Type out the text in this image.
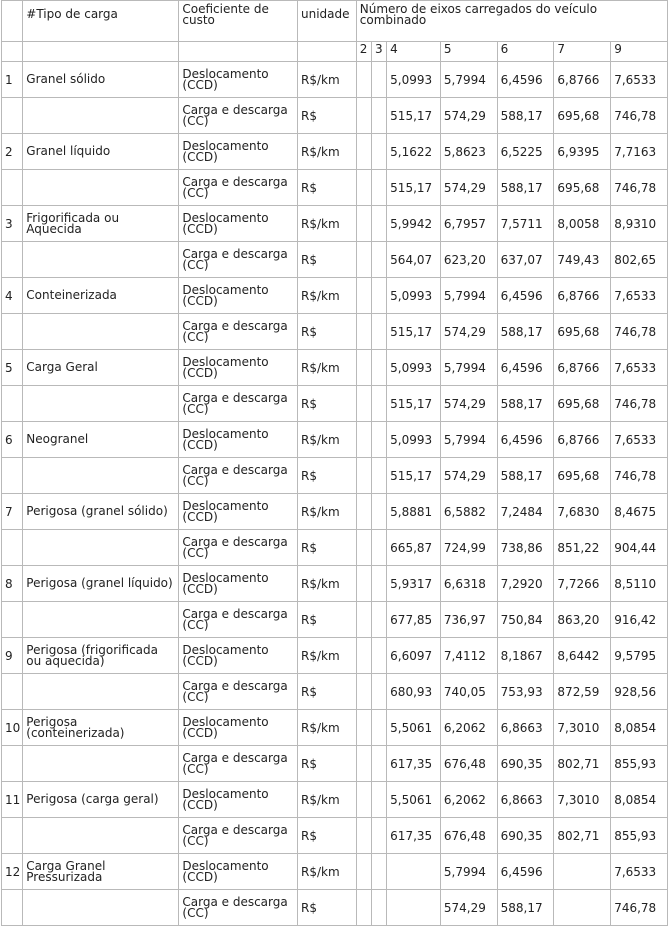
	#Tipo de carga	Coeficiente de custo	unidade	Número de eixos carregados do veículo combinado						
				2	3	4	5	6	7	9
1	Granel sólido	Deslocamento (CCD)	R$/km			5,0993	5,7994	6,4596	6,8766	7,6533
		Carga e descarga (CC)	R$			515,17	574,29	588,17	695,68	746,78
2	Granel líquido	Deslocamento (CCD)	R$/km			5,1622	5,8623	6,5225	6,9395	7,7163
		Carga e descarga (CC)	R$			515,17	574,29	588,17	695,68	746,78
3	Frigorificada ou Aquecida	Deslocamento (CCD)	R$/km			5,9942	6,7957	7,5711	8,0058	8,9310
		Carga e descarga (CC)	R$			564,07	623,20	637,07	749,43	802,65
4	Conteinerizada	Deslocamento (CCD)	R$/km			5,0993	5,7994	6,4596	6,8766	7,6533
		Carga e descarga (CC)	R$			515,17	574,29	588,17	695,68	746,78
5	Carga Geral	Deslocamento (CCD)	R$/km			5,0993	5,7994	6,4596	6,8766	7,6533
		Carga e descarga (CC)	R$			515,17	574,29	588,17	695,68	746,78
6	Neogranel	Deslocamento (CCD)	R$/km			5,0993	5,7994	6,4596	6,8766	7,6533
		Carga e descarga (CC)	R$			515,17	574,29	588,17	695,68	746,78
7	Perigosa (granel sólido)	Deslocamento (CCD)	R$/km			5,8881	6,5882	7,2484	7,6830	8,4675
		Carga e descarga (CC)	R$			665,87	724,99	738,86	851,22	904,44
8	Perigosa (granel líquido)	Deslocamento (CCD)	R$/km			5,9317	6,6318	7,2920	7,7266	8,5110
		Carga e descarga (CC)	R$			677,85	736,97	750,84	863,20	916,42
9	Perigosa (frigorificada ou aquecida)	Deslocamento (CCD)	R$/km			6,6097	7,4112	8,1867	8,6442	9,5795
		Carga e descarga (CC)	R$			680,93	740,05	753,93	872,59	928,56
10	Perigosa (conteinerizada)	Deslocamento (CCD)	R$/km			5,5061	6,2062	6,8663	7,3010	8,0854
		Carga e descarga (CC)	R$			617,35	676,48	690,35	802,71	855,93
11	Perigosa (carga geral)	Deslocamento (CCD)	R$/km			5,5061	6,2062	6,8663	7,3010	8,0854
		Carga e descarga (CC)	R$			617,35	676,48	690,35	802,71	855,93
12	Carga Granel Pressurizada	Deslocamento (CCD)	R$/km				5,7994	6,4596		7,6533
		Carga e descarga (CC)	R$				574,29	588,17		746,78
